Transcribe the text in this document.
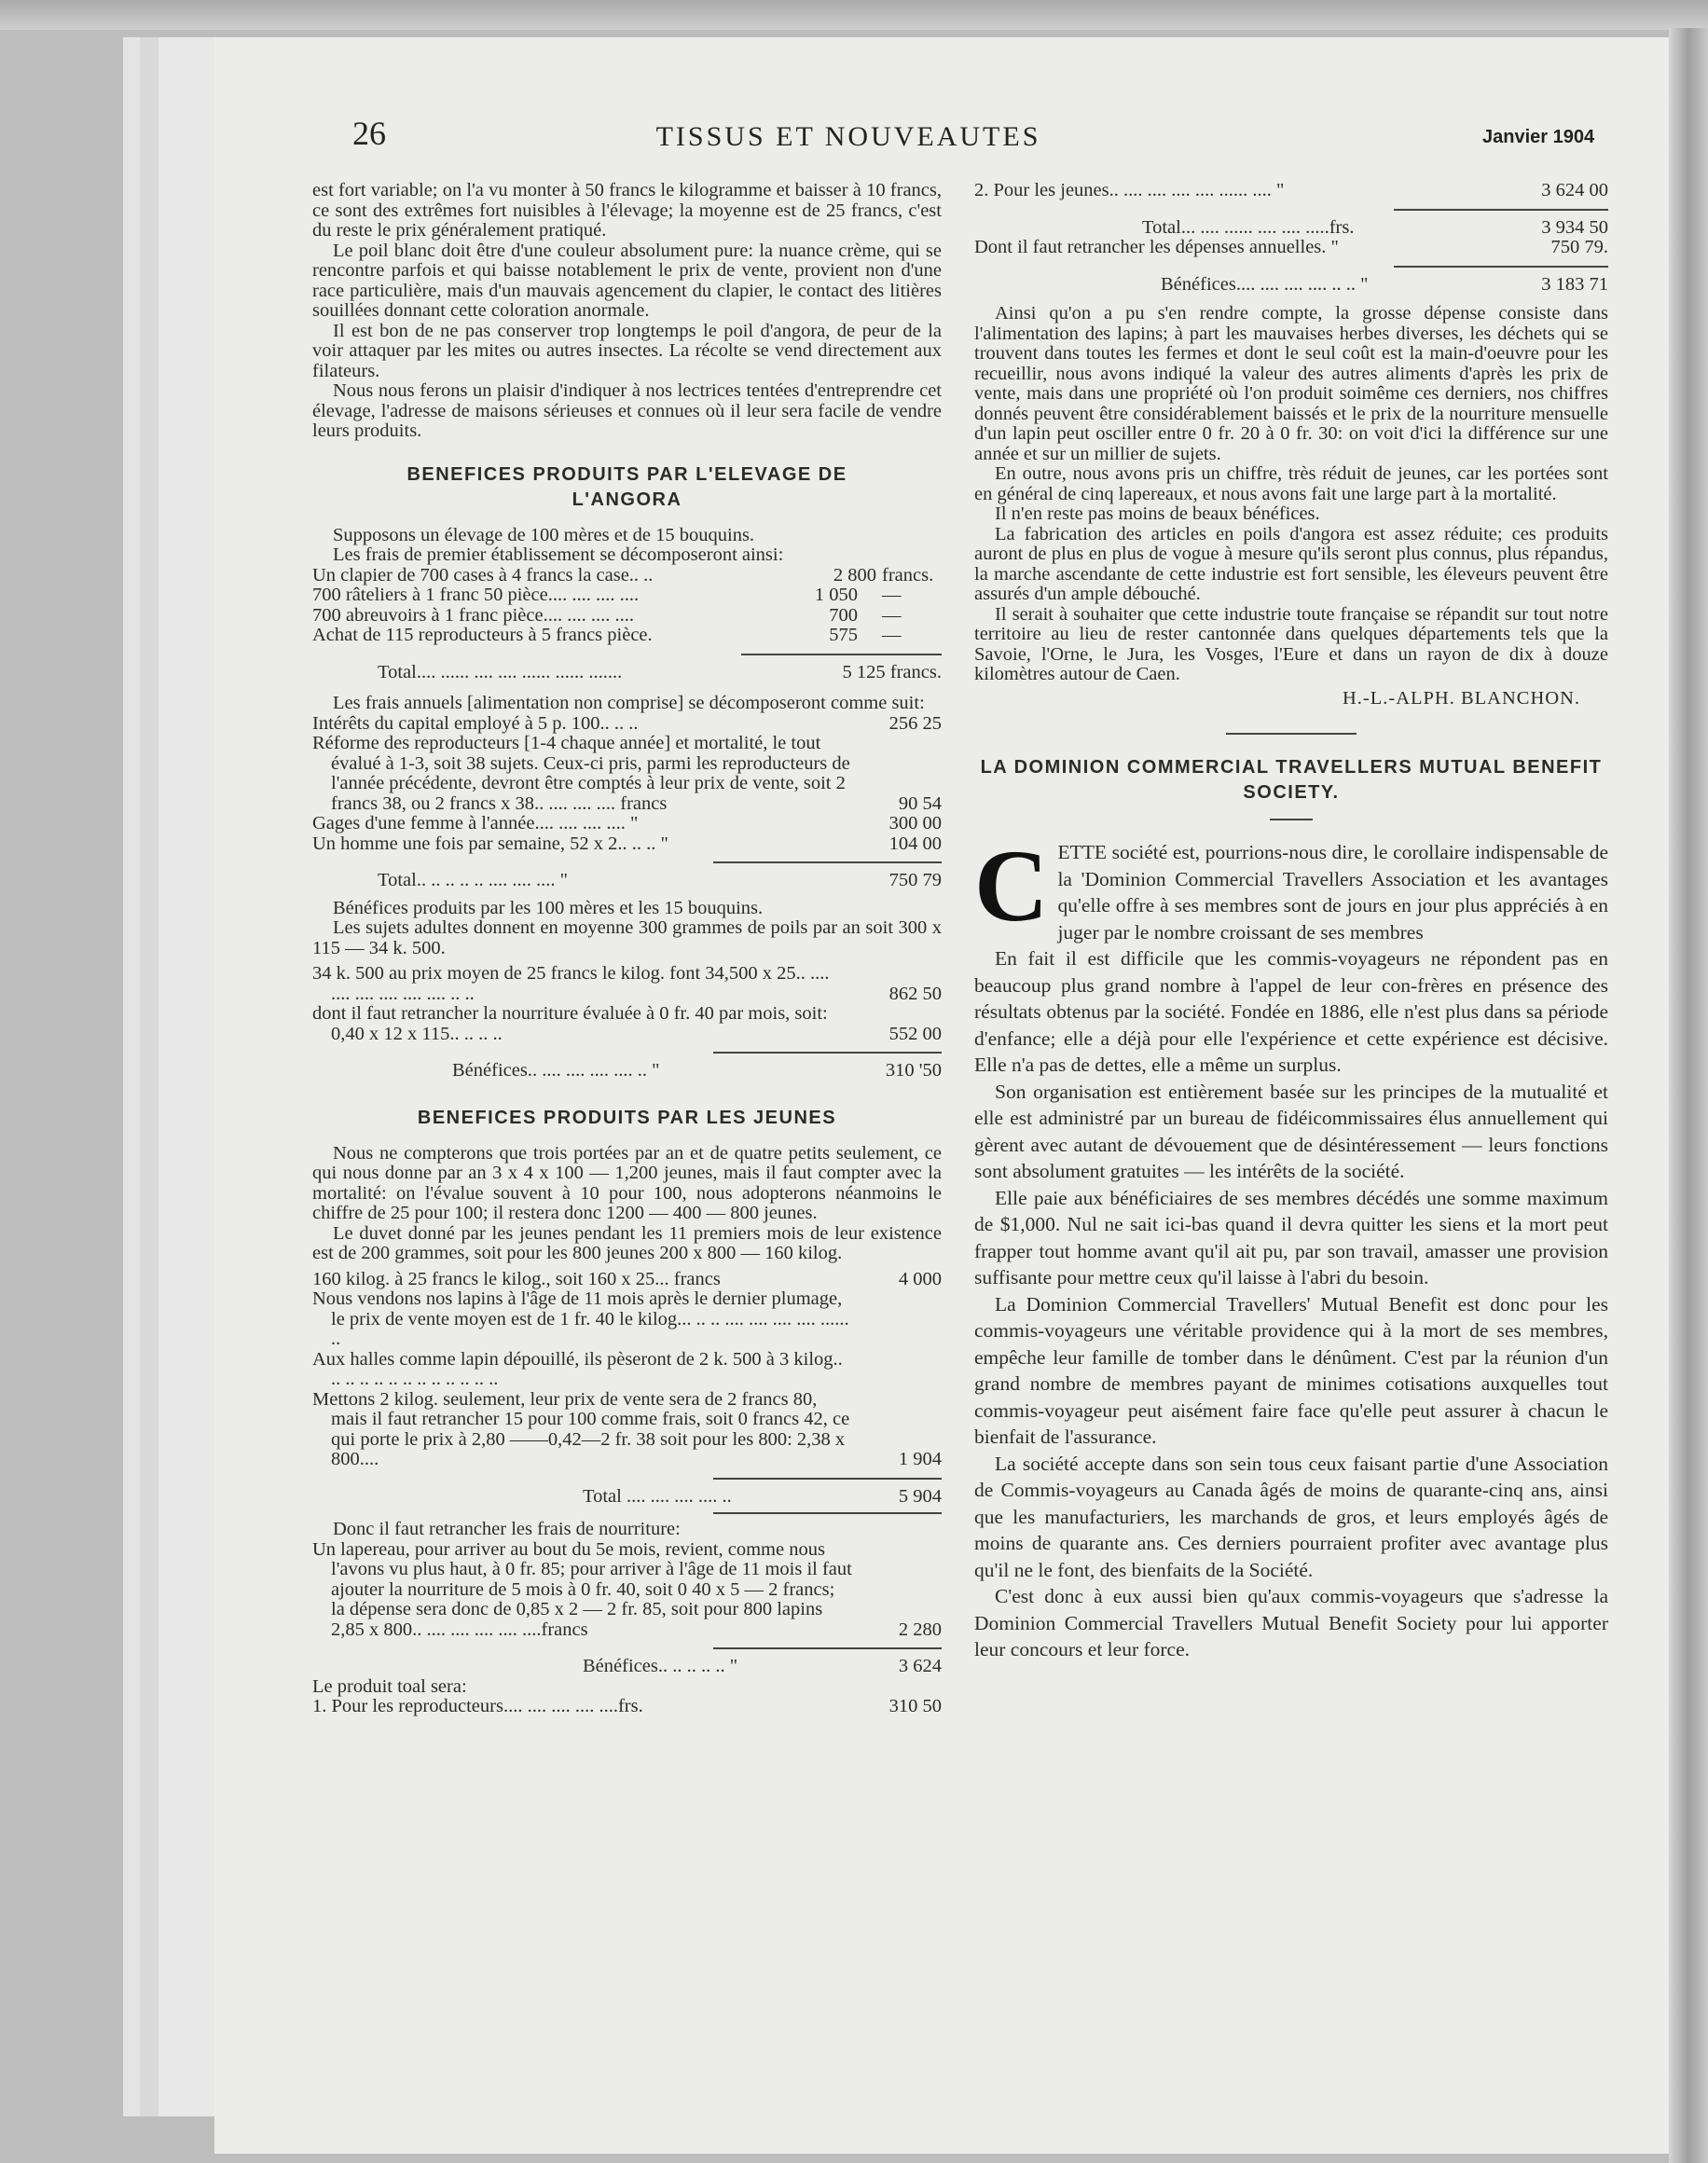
26	TISSUS ET NOUVEAUTES	Janvier 1904

est fort variable; on l'a vu monter à 50 francs le kilogramme et baisser à 10 francs, ce sont des extrêmes fort nuisibles à l'élevage; la moyenne est de 25 francs, c'est du reste le prix généralement pratiqué.

Le poil blanc doit être d'une couleur absolument pure: la nuance crème, qui se rencontre parfois et qui baisse notablement le prix de vente, provient non d'une race particulière, mais d'un mauvais agencement du clapier, le contact des litières souillées donnant cette coloration anormale.

Il est bon de ne pas conserver trop longtemps le poil d'angora, de peur de la voir attaquer par les mites ou autres insectes. La récolte se vend directement aux filateurs.

Nous nous ferons un plaisir d'indiquer à nos lectrices tentées d'entreprendre cet élevage, l'adresse de maisons sérieuses et connues où il leur sera facile de vendre leurs produits.

BENEFICES PRODUITS PAR L'ELEVAGE DE L'ANGORA

Supposons un élevage de 100 mères et de 15 bouquins.

Les frais de premier établissement se décomposeront ainsi:

Un clapier de 700 cases à 4 francs la case.. ..	2 800 francs.
700 râteliers à 1 franc 50 pièce.... .... .... ....	1 050	—
700 abreuvoirs à 1 franc pièce.... .... .... ....	700	—
Achat de 115 reproducteurs à 5 francs pièce.	575	—
Total.... ...... .... .... ...... ...... .......	5 125 francs.

Les frais annuels [alimentation non comprise] se décomposeront comme suit:

Intérêts du capital employé à 5 p. 100.. .. ..	256 25
Réforme des reproducteurs [1-4 chaque année] et mortalité, le tout évalué à 1-3, soit 38 sujets. Ceux-ci pris, parmi les reproducteurs de l'année précédente, devront être comptés à leur prix de vente, soit 2 francs 38, ou 2 francs x 38.. .... .... .... francs	90 54
Gages d'une femme à l'année.... .... .... .... "	300 00
Un homme une fois par semaine, 52 x 2.. .. .. "	104 00
Total.. .. .. .. .. .... .... .... "	750 79

Bénéfices produits par les 100 mères et les 15 bouquins.

Les sujets adultes donnent en moyenne 300 grammes de poils par an soit 300 x 115 — 34 k. 500.

34 k. 500 au prix moyen de 25 francs le kilog. font 34,500 x 25.. .... .... .... .... .... .... .. ..	862 50
dont il faut retrancher la nourriture évaluée à 0 fr. 40 par mois, soit: 0,40 x 12 x 115.. .. .. ..	552 00
Bénéfices.. .... .... .... .... .. "	310 '50
BENEFICES PRODUITS PAR LES JEUNES

Nous ne compterons que trois portées par an et de quatre petits seulement, ce qui nous donne par an 3 x 4 x 100 — 1,200 jeunes, mais il faut compter avec la mortalité: on l'évalue souvent à 10 pour 100, nous adopterons néanmoins le chiffre de 25 pour 100; il restera donc 1200 — 400 — 800 jeunes.

Le duvet donné par les jeunes pendant les 11 premiers mois de leur existence est de 200 grammes, soit pour les 800 jeunes 200 x 800 — 160 kilog.

160 kilog. à 25 francs le kilog., soit 160 x 25... francs	4 000
Nous vendons nos lapins à l'âge de 11 mois après le dernier plumage, le prix de vente moyen est de 1 fr. 40 le kilog... .. .. .... .... .... .... ...... ..
Aux halles comme lapin dépouillé, ils pèseront de 2 k. 500 à 3 kilog.. .. .. .. .. .. .. .. .. .. .. .. ..
Mettons 2 kilog. seulement, leur prix de vente sera de 2 francs 80, mais il faut retrancher 15 pour 100 comme frais, soit 0 francs 42, ce qui porte le prix à 2,80 ——0,42—2 fr. 38 soit pour les 800: 2,38 x 800....	1 904
Total .... .... .... .... ..	5 904

Donc il faut retrancher les frais de nourriture:

Un lapereau, pour arriver au bout du 5e mois, revient, comme nous l'avons vu plus haut, à 0 fr. 85; pour arriver à l'âge de 11 mois il faut ajouter la nourriture de 5 mois à 0 fr. 40, soit 0 40 x 5 — 2 francs; la dépense sera donc de 0,85 x 2 — 2 fr. 85, soit pour 800 lapins 2,85 x 800.. .... .... .... .... ....francs	2 280
Bénéfices.. .. .. .. .. "	3 624

Le produit toal sera:

1. Pour les reproducteurs.... .... .... .... ....frs.	310 50
2. Pour les jeunes.. .... .... .... .... ...... .... "	3 624 00
Total... .... ...... .... .... .....frs.	3 934 50
Dont il faut retrancher les dépenses annuelles. "	750 79.
Bénéfices.... .... .... .... .. .. "	3 183 71

Ainsi qu'on a pu s'en rendre compte, la grosse dépense consiste dans l'alimentation des lapins; à part les mauvaises herbes diverses, les déchets qui se trouvent dans toutes les fermes et dont le seul coût est la main-d'oeuvre pour les recueillir, nous avons indiqué la valeur des autres aliments d'après les prix de vente, mais dans une propriété où l'on produit soimême ces derniers, nos chiffres donnés peuvent être considérablement baissés et le prix de la nourriture mensuelle d'un lapin peut osciller entre 0 fr. 20 à 0 fr. 30: on voit d'ici la différence sur une année et sur un millier de sujets.

En outre, nous avons pris un chiffre, très réduit de jeunes, car les portées sont en général de cinq lapereaux, et nous avons fait une large part à la mortalité.

Il n'en reste pas moins de beaux bénéfices.

La fabrication des articles en poils d'angora est assez réduite; ces produits auront de plus en plus de vogue à mesure qu'ils seront plus connus, plus répandus, la marche ascendante de cette industrie est fort sensible, les éleveurs peuvent être assurés d'un ample débouché.

Il serait à souhaiter que cette industrie toute française se répandit sur tout notre territoire au lieu de rester cantonnée dans quelques départements tels que la Savoie, l'Orne, le Jura, les Vosges, l'Eure et dans un rayon de dix à douze kilomètres autour de Caen.

H.-L.-ALPH. BLANCHON.
LA DOMINION COMMERCIAL TRAVELLERS MUTUAL BENEFIT SOCIETY.
C ETTE société est, pourrions-nous dire, le corollaire indispensable de la 'Dominion Commercial Travellers Association et les avantages qu'elle offre à ses membres sont de jours en jour plus appréciés à en juger par le nombre croissant de ses membres

En fait il est difficile que les commis-voyageurs ne répondent pas en beaucoup plus grand nombre à l'appel de leur con-frères en présence des résultats obtenus par la société. Fondée en 1886, elle n'est plus dans sa période d'enfance; elle a déjà pour elle l'expérience et cette expérience est décisive. Elle n'a pas de dettes, elle a même un surplus.

Son organisation est entièrement basée sur les principes de la mutualité et elle est administré par un bureau de fidéicommissaires élus annuellement qui gèrent avec autant de dévouement que de désintéressement — leurs fonctions sont absolument gratuites — les intérêts de la société.

Elle paie aux bénéficiaires de ses membres décédés une somme maximum de $1,000. Nul ne sait ici-bas quand il devra quitter les siens et la mort peut frapper tout homme avant qu'il ait pu, par son travail, amasser une provision suffisante pour mettre ceux qu'il laisse à l'abri du besoin.

La Dominion Commercial Travellers' Mutual Benefit est donc pour les commis-voyageurs une véritable providence qui à la mort de ses membres, empêche leur famille de tomber dans le dénûment. C'est par la réunion d'un grand nombre de membres payant de minimes cotisations auxquelles tout commis-voyageur peut aisément faire face qu'elle peut assurer à chacun le bienfait de l'assurance.

La société accepte dans son sein tous ceux faisant partie d'une Association de Commis-voyageurs au Canada âgés de moins de quarante-cinq ans, ainsi que les manufacturiers, les marchands de gros, et leurs employés âgés de moins de quarante ans. Ces derniers pourraient profiter avec avantage plus qu'il ne le font, des bienfaits de la Société.

C'est donc à eux aussi bien qu'aux commis-voyageurs que s'adresse la Dominion Commercial Travellers Mutual Benefit Society pour lui apporter leur concours et leur force.
